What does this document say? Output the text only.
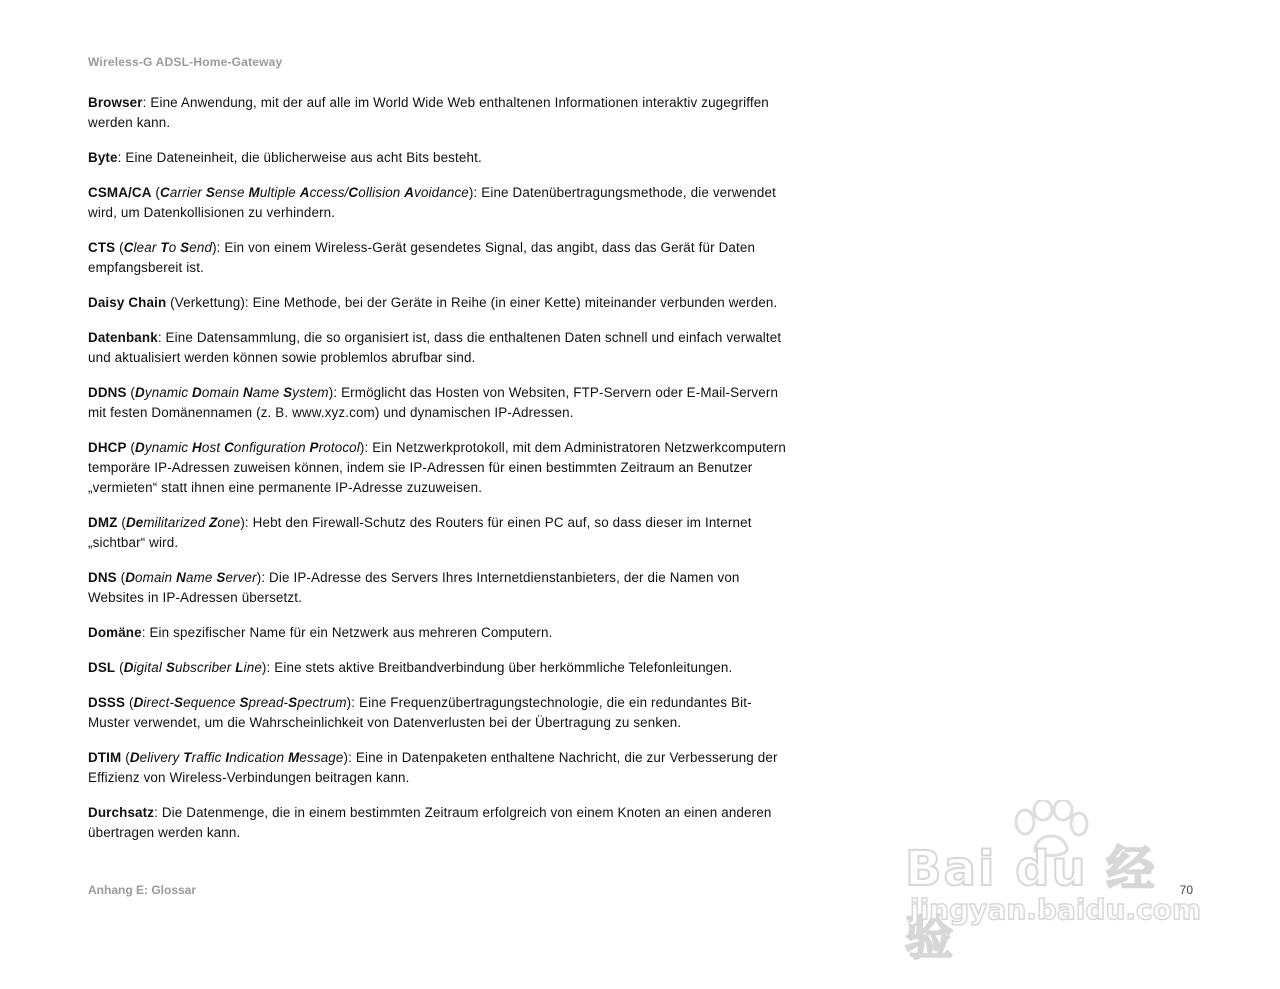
Wireless-G ADSL-Home-Gateway

Browser: Eine Anwendung, mit der auf alle im World Wide Web enthaltenen Informationen interaktiv zugegriffen werden kann.

Byte: Eine Dateneinheit, die üblicherweise aus acht Bits besteht.

CSMA/CA (Carrier Sense Multiple Access/Collision Avoidance): Eine Datenübertragungsmethode, die verwendet wird, um Datenkollisionen zu verhindern.

CTS (Clear To Send): Ein von einem Wireless-Gerät gesendetes Signal, das angibt, dass das Gerät für Daten empfangsbereit ist.

Daisy Chain (Verkettung): Eine Methode, bei der Geräte in Reihe (in einer Kette) miteinander verbunden werden.

Datenbank: Eine Datensammlung, die so organisiert ist, dass die enthaltenen Daten schnell und einfach verwaltet und aktualisiert werden können sowie problemlos abrufbar sind.

DDNS (Dynamic Domain Name System): Ermöglicht das Hosten von Websiten, FTP-Servern oder E-Mail-Servern mit festen Domänennamen (z. B. www.xyz.com) und dynamischen IP-Adressen.

DHCP (Dynamic Host Configuration Protocol): Ein Netzwerkprotokoll, mit dem Administratoren Netzwerkcomputern temporäre IP-Adressen zuweisen können, indem sie IP-Adressen für einen bestimmten Zeitraum an Benutzer „vermieten“ statt ihnen eine permanente IP-Adresse zuzuweisen.

DMZ (Demilitarized Zone): Hebt den Firewall-Schutz des Routers für einen PC auf, so dass dieser im Internet „sichtbar“ wird.

DNS (Domain Name Server): Die IP-Adresse des Servers Ihres Internetdienstanbieters, der die Namen von Websites in IP-Adressen übersetzt.

Domäne: Ein spezifischer Name für ein Netzwerk aus mehreren Computern.

DSL (Digital Subscriber Line): Eine stets aktive Breitbandverbindung über herkömmliche Telefonleitungen.

DSSS (Direct-Sequence Spread-Spectrum): Eine Frequenzübertragungstechnologie, die ein redundantes Bit-Muster verwendet, um die Wahrscheinlichkeit von Datenverlusten bei der Übertragung zu senken.

DTIM (Delivery Traffic Indication Message): Eine in Datenpaketen enthaltene Nachricht, die zur Verbesserung der Effizienz von Wireless-Verbindungen beitragen kann.

Durchsatz: Die Datenmenge, die in einem bestimmten Zeitraum erfolgreich von einem Knoten an einen anderen übertragen werden kann.

Anhang E: Glossar	70
Bai du 经验
jingyan.baidu.com
